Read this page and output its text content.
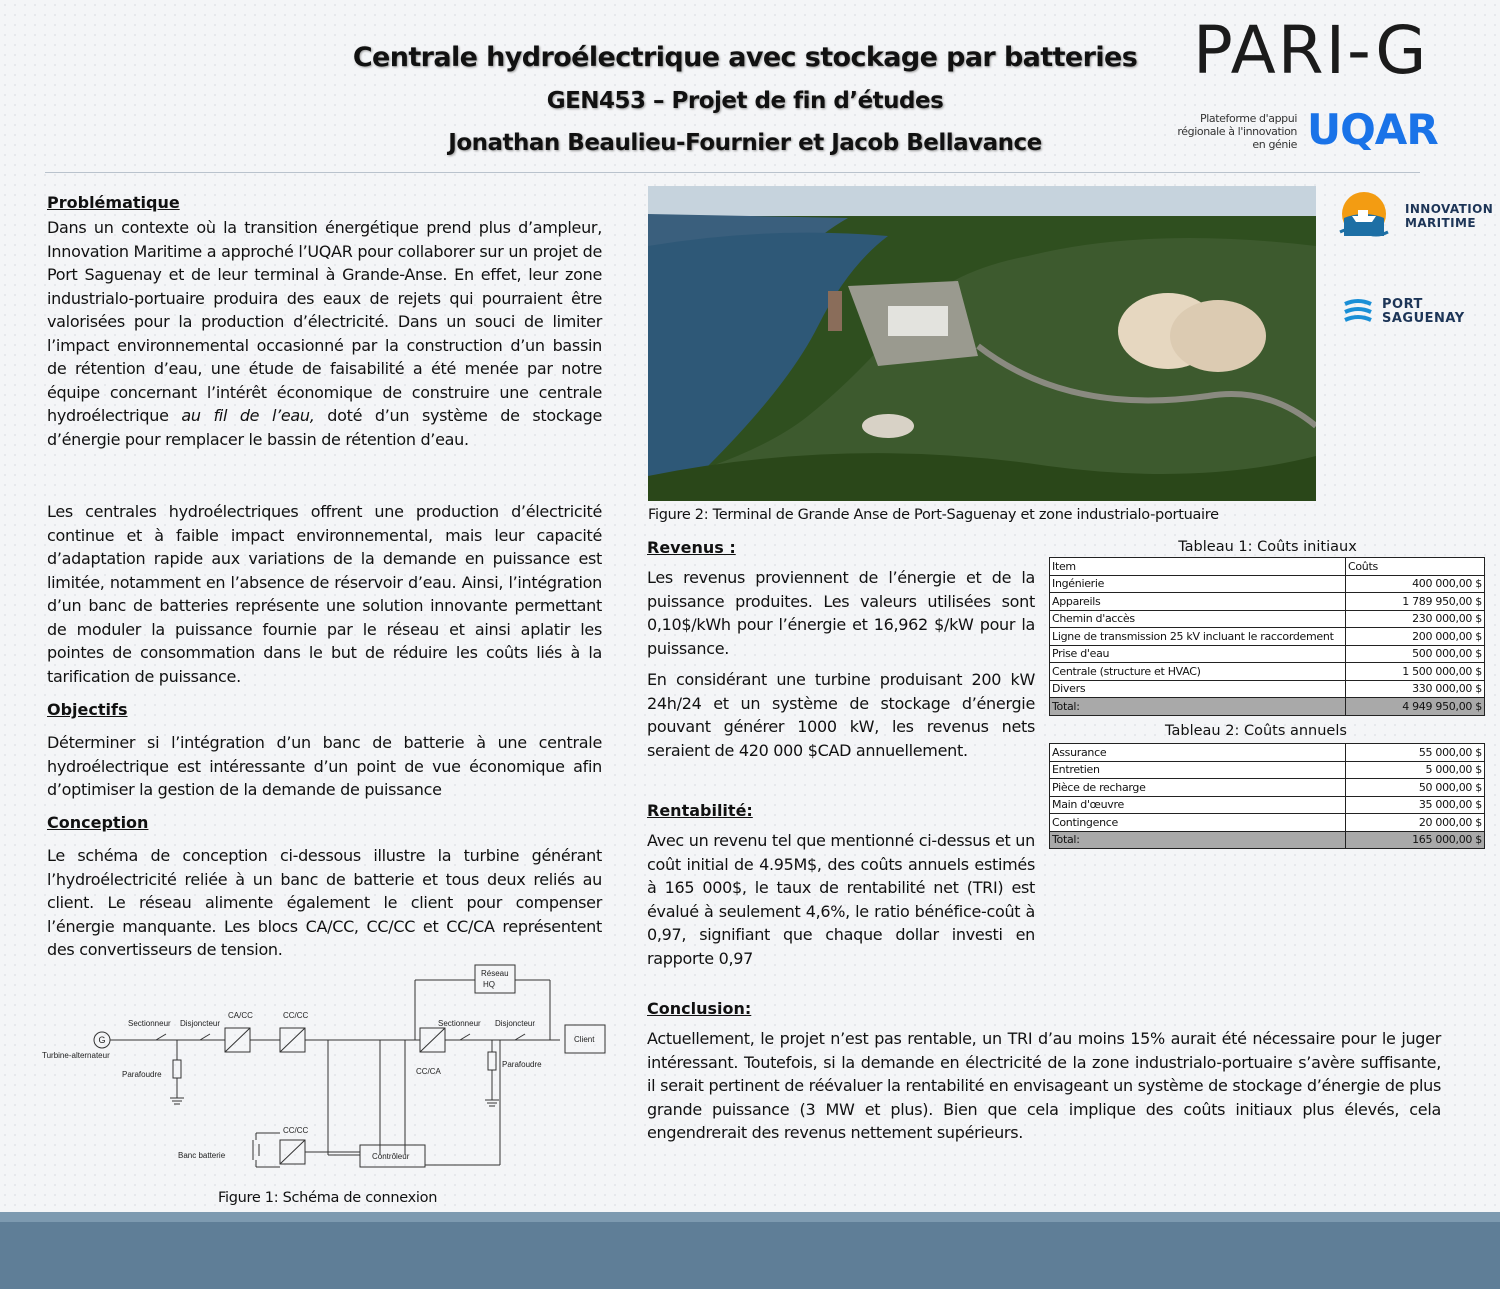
Centrale hydroélectrique avec stockage par batteries
GEN453 – Projet de fin d’études
Jonathan Beaulieu-Fournier et Jacob Bellavance
PARI-G
Plateforme d'appui régionale à l'innovation en génie UQAR
INNOVATION
MARITIME
PORT
SAGUENAY
Problématique
Dans un contexte où la transition énergétique prend plus d’ampleur, Innovation Maritime a approché l’UQAR pour collaborer sur un projet de Port Saguenay et de leur terminal à Grande-Anse. En effet, leur zone industrialo-portuaire produira des eaux de rejets qui pourraient être valorisées pour la production d’électricité. Dans un souci de limiter l’impact environnemental occasionné par la construction d’un bassin de rétention d’eau, une étude de faisabilité a été menée par notre équipe concernant l’intérêt économique de construire une centrale hydroélectrique au fil de l’eau, doté d’un système de stockage d’énergie pour remplacer le bassin de rétention d’eau.
Les centrales hydroélectriques offrent une production d’électricité continue et à faible impact environnemental, mais leur capacité d’adaptation rapide aux variations de la demande en puissance est limitée, notamment en l’absence de réservoir d’eau. Ainsi, l’intégration d’un banc de batteries représente une solution innovante permettant de moduler la puissance fournie par le réseau et ainsi aplatir les pointes de consommation dans le but de réduire les coûts liés à la tarification de puissance.
Objectifs
Déterminer si l’intégration d’un banc de batterie à une centrale hydroélectrique est intéressante d’un point de vue économique afin d’optimiser la gestion de la demande de puissance
Conception
Le schéma de conception ci-dessous illustre la turbine générant l’hydroélectricité reliée à un banc de batterie et tous deux reliés au client. Le réseau alimente également le client pour compenser l’énergie manquante. Les blocs CA/CC, CC/CC et CC/CA représentent des convertisseurs de tension.
G
Turbine-alternateur
Sectionneur Disjoncteur
Parafoudre
CA/CC	CC/CC
CC/CC
Réseau
HQ
Sectionneur Disjoncteur
Parafoudre
CC/CA
Client
Banc batterie	Contrôleur
Figure 1: Schéma de connexion
Figure 2: Terminal de Grande Anse de Port-Saguenay et zone industrialo-portuaire
Revenus :
Les revenus proviennent de l’énergie et de la puissance produites. Les valeurs utilisées sont 0,10$/kWh pour l’énergie et 16,962 $/kW pour la puissance.
En considérant une turbine produisant 200 kW 24h/24 et un système de stockage d’énergie pouvant générer 1000 kW, les revenus nets seraient de 420 000 $CAD annuellement.
Rentabilité:
Avec un revenu tel que mentionné ci-dessus et un coût initial de 4.95M$, des coûts annuels estimés à 165 000$, le taux de rentabilité net (TRI) est évalué à seulement 4,6%, le ratio bénéfice-coût à 0,97, signifiant que chaque dollar investi en rapporte 0,97
Tableau 1: Coûts initiaux
Item	Coûts
Ingénierie	400 000,00 $
Appareils	1 789 950,00 $
Chemin d'accès	230 000,00 $
Ligne de transmission 25 kV incluant le raccordement	200 000,00 $
Prise d'eau	500 000,00 $
Centrale (structure et HVAC)	1 500 000,00 $
Divers	330 000,00 $
Total:	4 949 950,00 $
Tableau 2: Coûts annuels
Assurance	55 000,00 $
Entretien	5 000,00 $
Pièce de recharge	50 000,00 $
Main d'œuvre	35 000,00 $
Contingence	20 000,00 $
Total:	165 000,00 $
Conclusion:
Actuellement, le projet n’est pas rentable, un TRI d’au moins 15% aurait été nécessaire pour le juger intéressant. Toutefois, si la demande en électricité de la zone industrialo-portuaire s’avère suffisante, il serait pertinent de réévaluer la rentabilité en envisageant un système de stockage d’énergie de plus grande puissance (3 MW et plus). Bien que cela implique des coûts initiaux plus élevés, cela engendrerait des revenus nettement supérieurs.
